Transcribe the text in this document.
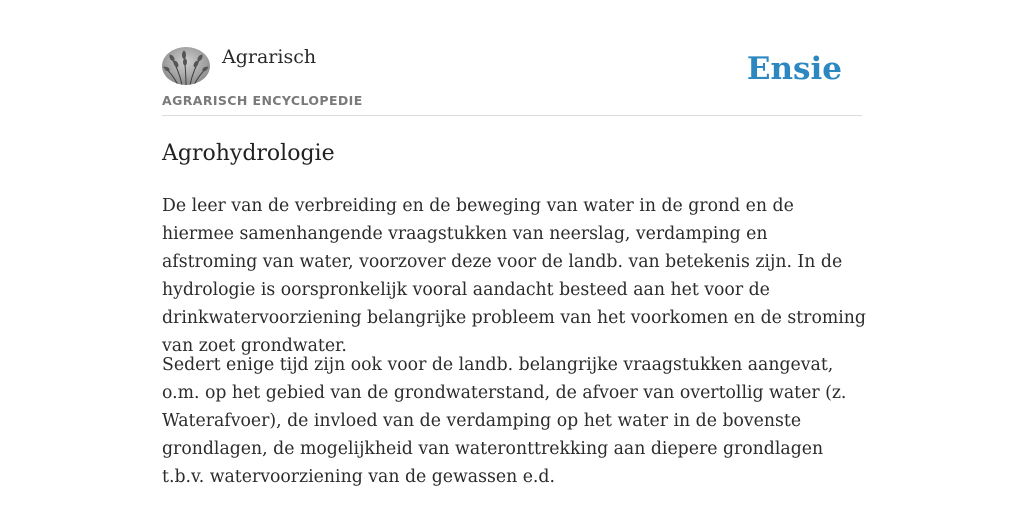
Agrarisch
AGRARISCH ENCYCLOPEDIE
Ensie
Agrohydrologie

De leer van de verbreiding en de beweging van water in de grond en de hiermee samenhangende vraagstukken van neerslag, verdamping en afstroming van water, voorzover deze voor de landb. van betekenis zijn. In de hydrologie is oorspronkelijk vooral aandacht besteed aan het voor de drinkwatervoorziening belangrijke probleem van het voorkomen en de stroming van zoet grondwater.

Sedert enige tijd zijn ook voor de landb. belangrijke vraagstukken aangevat, o.m. op het gebied van de grondwaterstand, de afvoer van overtollig water (z. Waterafvoer), de invloed van de verdamping op het water in de bovenste grondlagen, de mogelijkheid van wateronttrekking aan diepere grondlagen t.b.v. watervoorziening van de gewassen e.d.
